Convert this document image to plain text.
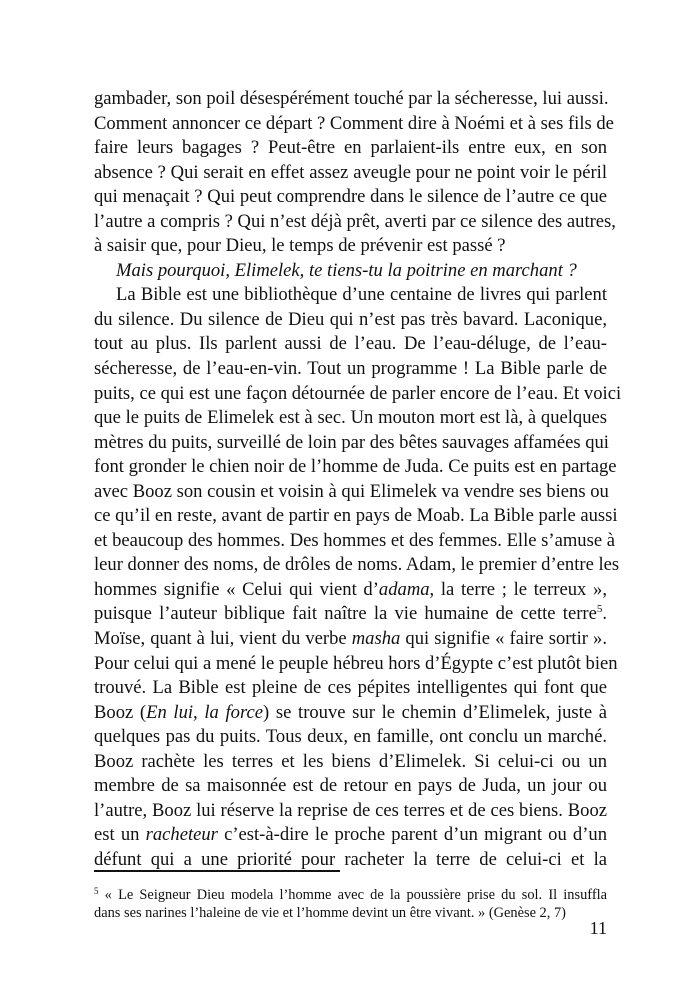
gambader, son poil désespérément touché par la sécheresse, lui aussi.
Comment annoncer ce départ ? Comment dire à Noémi et à ses fils de
faire leurs bagages ? Peut-être en parlaient-ils entre eux, en son
absence ? Qui serait en effet assez aveugle pour ne point voir le péril
qui menaçait ? Qui peut comprendre dans le silence de l’autre ce que
l’autre a compris ? Qui n’est déjà prêt, averti par ce silence des autres,
à saisir que, pour Dieu, le temps de prévenir est passé ?
Mais pourquoi, Elimelek, te tiens-tu la poitrine en marchant ?
La Bible est une bibliothèque d’une centaine de livres qui parlent
du silence. Du silence de Dieu qui n’est pas très bavard. Laconique,
tout au plus. Ils parlent aussi de l’eau. De l’eau-déluge, de l’eau-
sécheresse, de l’eau-en-vin. Tout un programme ! La Bible parle de
puits, ce qui est une façon détournée de parler encore de l’eau. Et voici
que le puits de Elimelek est à sec. Un mouton mort est là, à quelques
mètres du puits, surveillé de loin par des bêtes sauvages affamées qui
font gronder le chien noir de l’homme de Juda. Ce puits est en partage
avec Booz son cousin et voisin à qui Elimelek va vendre ses biens ou
ce qu’il en reste, avant de partir en pays de Moab. La Bible parle aussi
et beaucoup des hommes. Des hommes et des femmes. Elle s’amuse à
leur donner des noms, de drôles de noms. Adam, le premier d’entre les
hommes signifie « Celui qui vient d’adama, la terre ; le terreux »,
puisque l’auteur biblique fait naître la vie humaine de cette terre$^5$.
Moïse, quant à lui, vient du verbe masha qui signifie « faire sortir ».
Pour celui qui a mené le peuple hébreu hors d’Égypte c’est plutôt bien
trouvé. La Bible est pleine de ces pépites intelligentes qui font que
Booz (En lui, la force) se trouve sur le chemin d’Elimelek, juste à
quelques pas du puits. Tous deux, en famille, ont conclu un marché.
Booz rachète les terres et les biens d’Elimelek. Si celui-ci ou un
membre de sa maisonnée est de retour en pays de Juda, un jour ou
l’autre, Booz lui réserve la reprise de ces terres et de ces biens. Booz
est un racheteur c’est-à-dire le proche parent d’un migrant ou d’un
défunt qui a une priorité pour racheter la terre de celui-ci et la
$^5$ « Le Seigneur Dieu modela l’homme avec de la poussière prise du sol. Il insuffla
dans ses narines l’haleine de vie et l’homme devint un être vivant. » (Genèse 2, 7)
11
